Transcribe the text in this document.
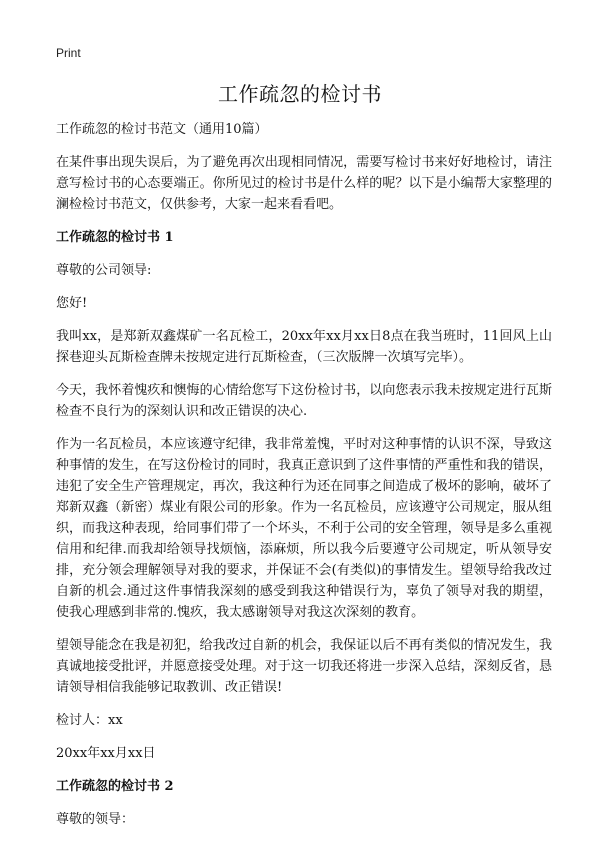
Print
工作疏忽的检讨书

工作疏忽的检讨书范文（通用10篇）

在某件事出现失误后，为了避免再次出现相同情况，需要写检讨书来好好地检讨，请注意写检讨书的心态要端正。你所见过的检讨书是什么样的呢？以下是小编帮大家整理的澜检检讨书范文，仅供参考，大家一起来看看吧。

工作疏忽的检讨书 1

尊敬的公司领导:

您好!

我叫xx，是郑新双鑫煤矿一名瓦检工，20xx年xx月xx日8点在我当班时，11回风上山探巷迎头瓦斯检查牌未按规定进行瓦斯检查，（三次版牌一次填写完毕）。

今天，我怀着愧疚和懊悔的心情给您写下这份检讨书，以向您表示我未按规定进行瓦斯检查不良行为的深刻认识和改正错误的决心.

作为一名瓦检员，本应该遵守纪律，我非常羞愧，平时对这种事情的认识不深，导致这种事情的发生，在写这份检讨的同时，我真正意识到了这件事情的严重性和我的错误，违犯了安全生产管理规定，再次，我这种行为还在同事之间造成了极坏的影响，破坏了郑新双鑫（新密）煤业有限公司的形象。作为一名瓦检员，应该遵守公司规定，服从组织，而我这种表现，给同事们带了一个坏头，不利于公司的安全管理，领导是多么重视信用和纪律.而我却给领导找烦恼，添麻烦，所以我今后要遵守公司规定，听从领导安排，充分领会理解领导对我的要求，并保证不会(有类似)的事情发生。望领导给我改过自新的机会.通过这件事情我深刻的感受到我这种错误行为，辜负了领导对我的期望，使我心理感到非常的.愧疚，我太感谢领导对我这次深刻的教育。

望领导能念在我是初犯，给我改过自新的机会，我保证以后不再有类似的情况发生，我真诚地接受批评，并愿意接受处理。对于这一切我还将进一步深入总结，深刻反省，恳请领导相信我能够记取教训、改正错误!

检讨人：xx

20xx年xx月xx日

工作疏忽的检讨书 2

尊敬的领导：
